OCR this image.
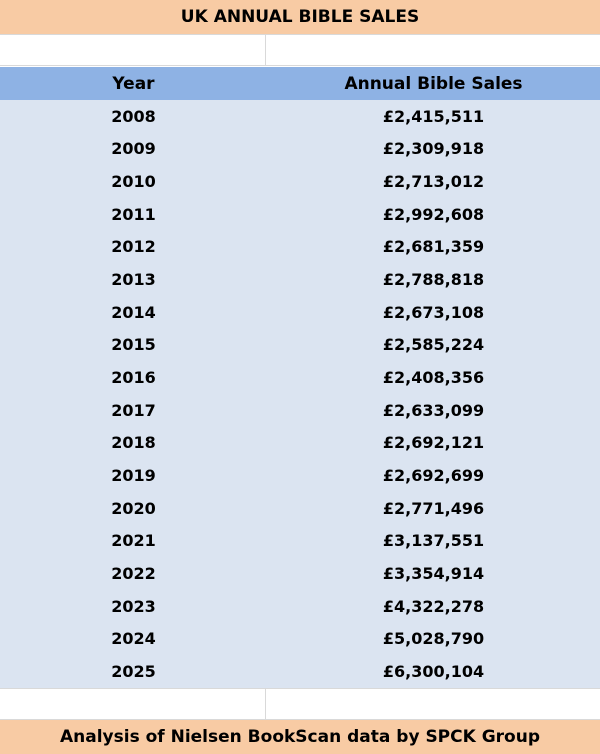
UK ANNUAL BIBLE SALES
Year	Annual Bible Sales
2008	£2,415,511
2009	£2,309,918
2010	£2,713,012
2011	£2,992,608
2012	£2,681,359
2013	£2,788,818
2014	£2,673,108
2015	£2,585,224
2016	£2,408,356
2017	£2,633,099
2018	£2,692,121
2019	£2,692,699
2020	£2,771,496
2021	£3,137,551
2022	£3,354,914
2023	£4,322,278
2024	£5,028,790
2025	£6,300,104
Analysis of Nielsen BookScan data by SPCK Group
